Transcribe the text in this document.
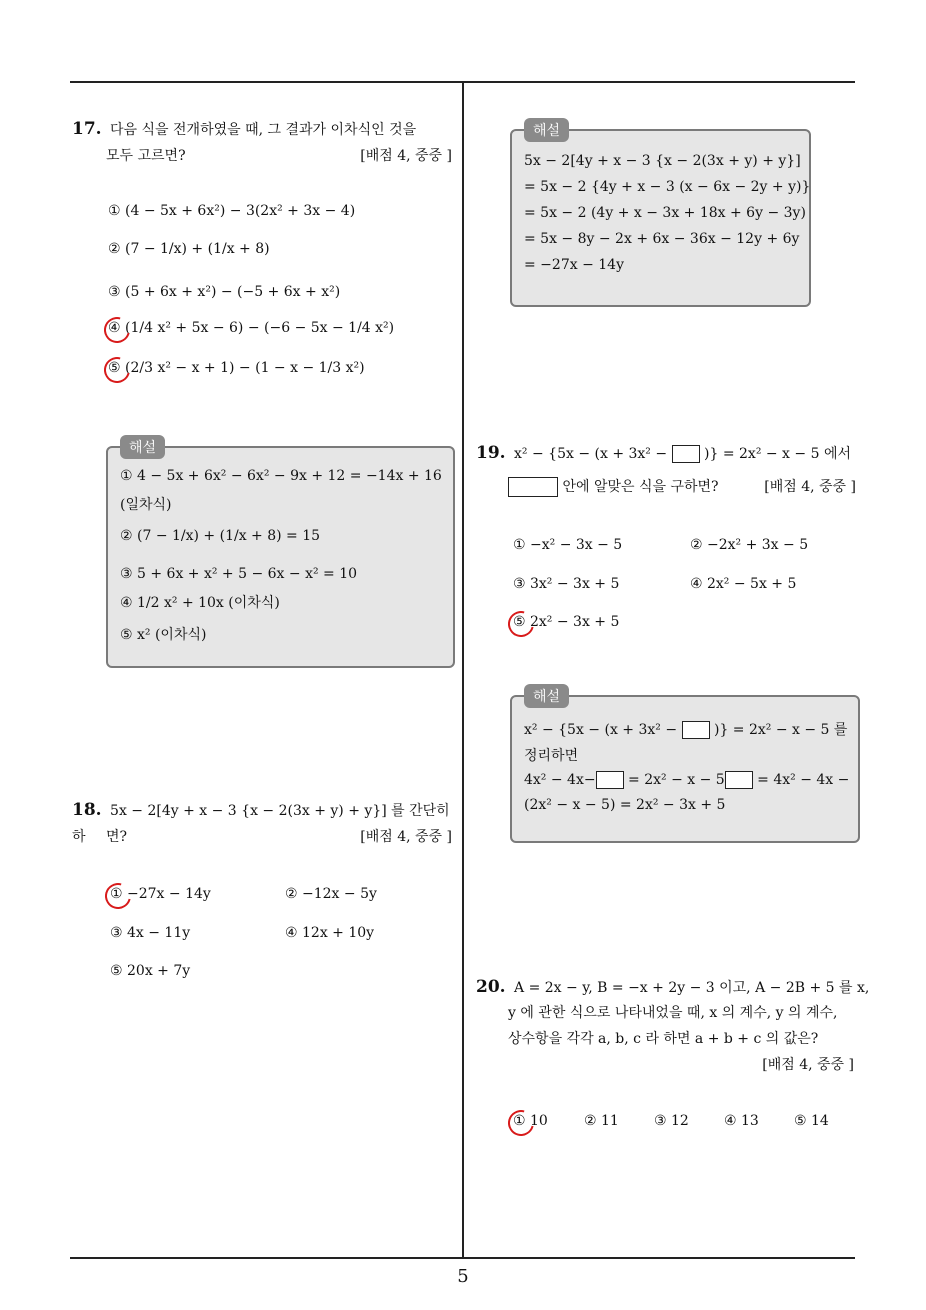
17. 다음 식을 전개하였을 때, 그 결과가 이차식인 것을
모두 고르면?	[배점 4, 중중 ]
① (4 − 5x + 6x²) − 3(2x² + 3x − 4)
② (7 − 1/x) + (1/x + 8)
③ (5 + 6x + x²) − (−5 + 6x + x²)
④ (1/4 x² + 5x − 6) − (−6 − 5x − 1/4 x²)
⑤ (2/3 x² − x + 1) − (1 − x − 1/3 x²)
해설
① 4 − 5x + 6x² − 6x² − 9x + 12 = −14x + 16
(일차식)
② (7 − 1/x) + (1/x + 8) = 15
③ 5 + 6x + x² + 5 − 6x − x² = 10
④ 1/2 x² + 10x (이차식)
⑤ x² (이차식)
18. 5x − 2[4y + x − 3 {x − 2(3x + y) + y}] 를 간단히 하	면?	[배점 4, 중중 ]
① −27x − 14y	② −12x − 5y
③ 4x − 11y	④ 12x + 10y
⑤ 20x + 7y
해설
5x − 2[4y + x − 3 {x − 2(3x + y) + y}]
= 5x − 2 {4y + x − 3 (x − 6x − 2y + y)}
= 5x − 2 (4y + x − 3x + 18x + 6y − 3y)
= 5x − 8y − 2x + 6x − 36x − 12y + 6y
= −27x − 14y
19. x² − {5x − (x + 3x² −	)} = 2x² − x − 5 에서
안에 알맞은 식을 구하면?	[배점 4, 중중 ]
① −x² − 3x − 5	② −2x² + 3x − 5
③ 3x² − 3x + 5	④ 2x² − 5x + 5
⑤ 2x² − 3x + 5
해설
x² − {5x − (x + 3x² −	)} = 2x² − x − 5 를
정리하면
4x² − 4x− = 2x² − x − 5 = 4x² − 4x −
(2x² − x − 5) = 2x² − 3x + 5
20. A = 2x − y, B = −x + 2y − 3 이고, A − 2B + 5 를 x,
y 에 관한 식으로 나타내었을 때, x 의 계수, y 의 계수,
상수항을 각각 a, b, c 라 하면 a + b + c 의 값은?
[배점 4, 중중 ]
① 10	② 11	③ 12	④ 13	⑤ 14
5
